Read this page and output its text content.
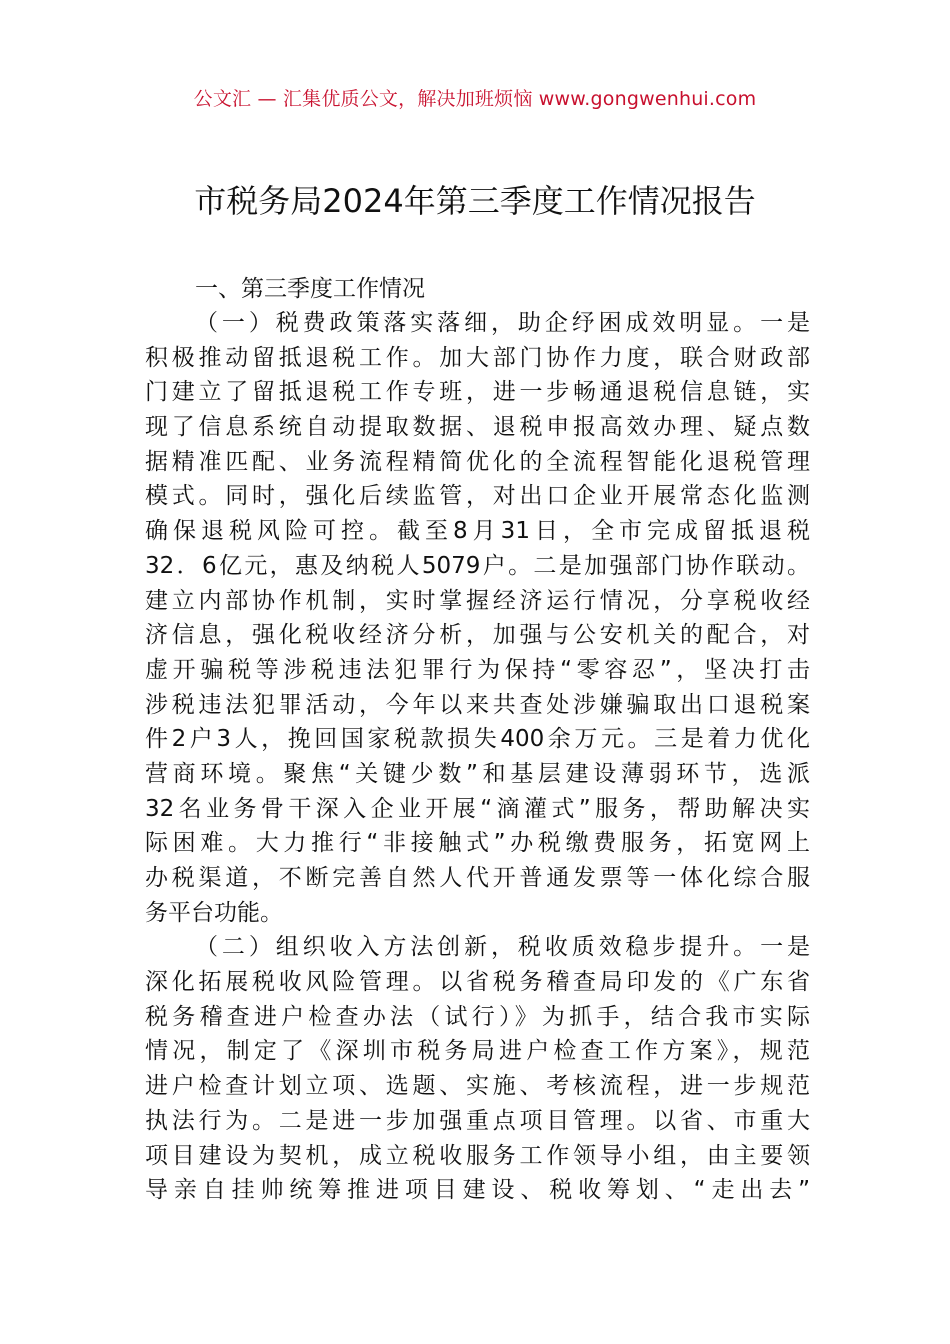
公文汇 — 汇集优质公文，解决加班烦恼 www.gongwenhui.com
市税务局2024年第三季度工作情况报告
一、第三季度工作情况
（一）税费政策落实落细，助企纾困成效明显。一是
积极推动留抵退税工作。加大部门协作力度，联合财政部
门建立了留抵退税工作专班，进一步畅通退税信息链，实
现了信息系统自动提取数据、退税申报高效办理、疑点数
据精准匹配、业务流程精简优化的全流程智能化退税管理
模式。同时，强化后续监管，对出口企业开展常态化监测
确保退税风险可控。截至8月31日，全市完成留抵退税
32．6亿元，惠及纳税人5079户。二是加强部门协作联动。
建立内部协作机制，实时掌握经济运行情况，分享税收经
济信息，强化税收经济分析，加强与公安机关的配合，对
虚开骗税等涉税违法犯罪行为保持“零容忍”，坚决打击
涉税违法犯罪活动，今年以来共查处涉嫌骗取出口退税案
件2户3人，挽回国家税款损失400余万元。三是着力优化
营商环境。聚焦“关键少数”和基层建设薄弱环节，选派
32名业务骨干深入企业开展“滴灌式”服务，帮助解决实
际困难。大力推行“非接触式”办税缴费服务，拓宽网上
办税渠道，不断完善自然人代开普通发票等一体化综合服
务平台功能。
（二）组织收入方法创新，税收质效稳步提升。一是
深化拓展税收风险管理。以省税务稽查局印发的《广东省
税务稽查进户检查办法（试行）》为抓手，结合我市实际
情况，制定了《深圳市税务局进户检查工作方案》，规范
进户检查计划立项、选题、实施、考核流程，进一步规范
执法行为。二是进一步加强重点项目管理。以省、市重大
项目建设为契机，成立税收服务工作领导小组，由主要领
导亲自挂帅统筹推进项目建设、税收筹划、“走出去”
